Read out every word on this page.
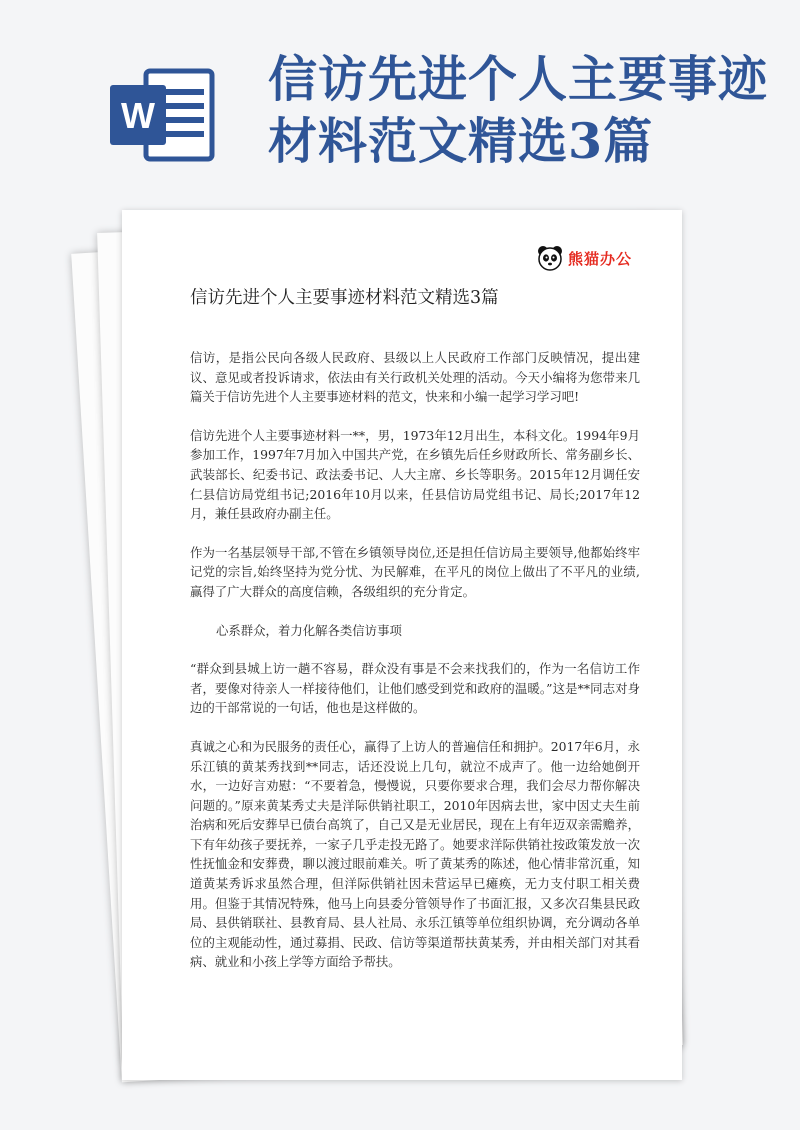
W
信访先进个人主要事迹
材料范文精选3篇
熊猫办公
信访先进个人主要事迹材料范文精选3篇

信访，是指公民向各级人民政府、县级以上人民政府工作部门反映情况，提出建议、意见或者投诉请求，依法由有关行政机关处理的活动。今天小编将为您带来几篇关于信访先进个人主要事迹材料的范文，快来和小编一起学习学习吧!

信访先进个人主要事迹材料一**，男，1973年12月出生，本科文化。1994年9月参加工作，1997年7月加入中国共产党，在乡镇先后任乡财政所长、常务副乡长、武装部长、纪委书记、政法委书记、人大主席、乡长等职务。2015年12月调任安仁县信访局党组书记;2016年10月以来，任县信访局党组书记、局长;2017年12月，兼任县政府办副主任。

作为一名基层领导干部,不管在乡镇领导岗位,还是担任信访局主要领导,他都始终牢记党的宗旨,始终坚持为党分忧、为民解难，在平凡的岗位上做出了不平凡的业绩,赢得了广大群众的高度信赖，各级组织的充分肯定。

心系群众，着力化解各类信访事项

“群众到县城上访一趟不容易，群众没有事是不会来找我们的，作为一名信访工作者，要像对待亲人一样接待他们，让他们感受到党和政府的温暖。”这是**同志对身边的干部常说的一句话，他也是这样做的。

真诚之心和为民服务的责任心，赢得了上访人的普遍信任和拥护。2017年6月，永乐江镇的黄某秀找到**同志，话还没说上几句，就泣不成声了。他一边给她倒开水，一边好言劝慰：“不要着急，慢慢说，只要你要求合理，我们会尽力帮你解决问题的。”原来黄某秀丈夫是洋际供销社职工，2010年因病去世，家中因丈夫生前治病和死后安葬早已债台高筑了，自己又是无业居民，现在上有年迈双亲需赡养，下有年幼孩子要抚养，一家子几乎走投无路了。她要求洋际供销社按政策发放一次性抚恤金和安葬费，聊以渡过眼前难关。听了黄某秀的陈述，他心情非常沉重，知道黄某秀诉求虽然合理，但洋际供销社因未营运早已瘫痪，无力支付职工相关费用。但鉴于其情况特殊，他马上向县委分管领导作了书面汇报，又多次召集县民政局、县供销联社、县教育局、县人社局、永乐江镇等单位组织协调，充分调动各单位的主观能动性，通过募捐、民政、信访等渠道帮扶黄某秀，并由相关部门对其看病、就业和小孩上学等方面给予帮扶。
